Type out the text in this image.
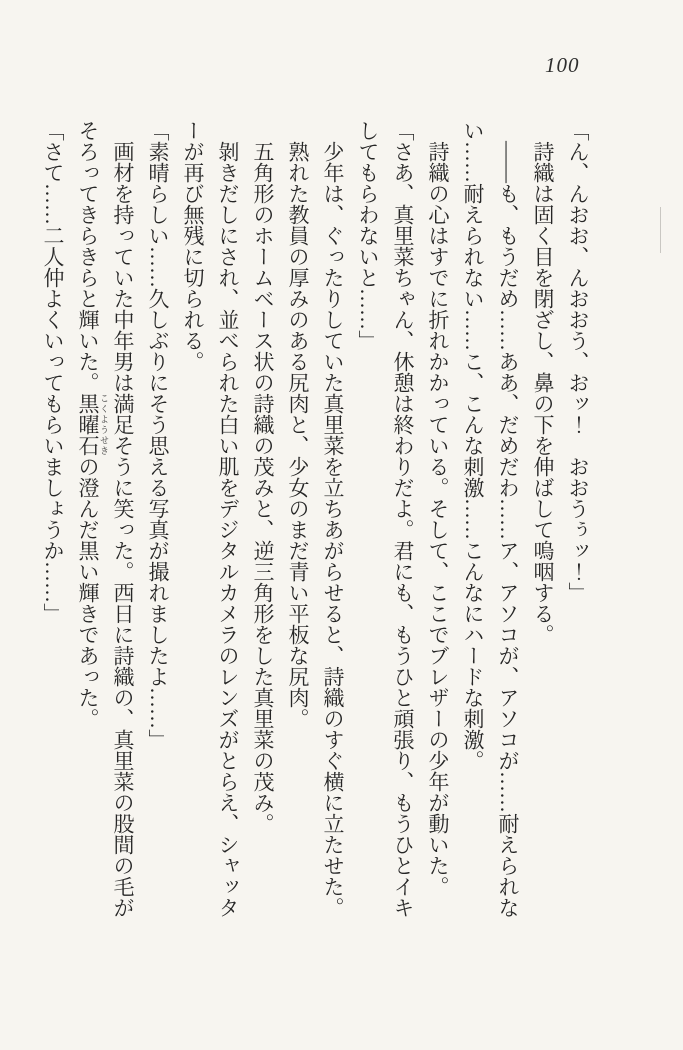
100

「ん、んおお、んおおう、おッ！　おおうぅッ！」

詩織は固く目を閉ざし、鼻の下を伸ばして嗚咽する。

――も、もうだめ……ああ、だめだわ……ア、アソコが、アソコが……耐えられない……耐えられない……こ、こんな刺激……こんなにハードな刺激。

詩織の心はすでに折れかかっている。そして、ここでブレザーの少年が動いた。

「さあ、真里菜ちゃん、休憩は終わりだよ。君にも、もうひと頑張り、もうひとイキしてもらわないと……」

少年は、ぐったりしていた真里菜を立ちあがらせると、詩織のすぐ横に立たせた。

熟れた教員の厚みのある尻肉と、少女のまだ青い平板な尻肉。

五角形のホームベース状の詩織の茂みと、逆三角形をした真里菜の茂み。

剝きだしにされ、並べられた白い肌をデジタルカメラのレンズがとらえ、シャッターが再び無残に切られる。

「素晴らしい……久しぶりにそう思える写真が撮れましたよ……」

画材を持っていた中年男は満足そうに笑った。西日に詩織の、真里菜の股間の毛がそろってきらきらと輝いた。黒曜石 こくようせきの澄んだ黒い輝きであった。

「さて……二人仲よくいってもらいましょうか……」
